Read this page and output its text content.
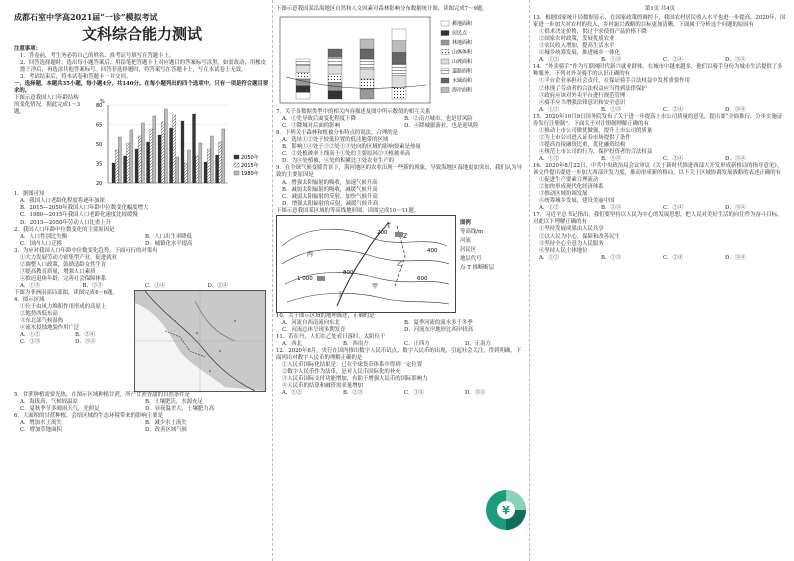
成都石室中学高2021届“一诊”模拟考试
文科综合能力测试
注意事项：
1．答卷前，考生务必将自己的姓名、准考证号填写在答题卡上。
2．回答选择题时，选出每小题答案后，用铅笔把答题卡上对应题目的答案标号涂黑。如需改动，用橡皮擦干净后，再选涂其他答案标号。回答非选择题时，将答案写在答题卡上，写在本试卷上无效。
3．考试结束后，将本试卷和答题卡一并交回。
一、选择题，本题共35小题，每小题4分，共140分。在每小题列出的四个选项中，只有一项是符合题目要求的。
下图示意我国人口年龄结构的变化情况。据此完成1～3题。
%
20
35
50
65
80
2050年
2015年
1980年
1．据图可知
A．我国人口老龄化程度将逐年加深
B．2015—2050年我国人口年龄中位数变化幅度增大
C．1980—2015年我国人口老龄化速度比较缓慢
D．2015—2050年劳动人口比重上升
2．我国人口年龄中位数变化的主要原因是
A．人口性别比失衡	B．人口出生率降低
C．国内人口迁移	D．城镇化水平提高
3．为应对我国人口年龄中位数变化趋势，下面可行的对策有
①大力发展劳动力密集型产业，促进就业
②调整人口政策，鼓励适龄女性生育
③提高教育质量，增强人口素质
④推迟退休年龄，完善社会保障体系
A．①③	B．②③	C．①④	D．②④
下图为非洲南部局部图，读图完成4～6题。
4．图示区域
①位于由风力堆积作用形成的高原上
②地势西低东高
③东北部气候湿热
④流水侵蚀地貌作用广泛
A．①②	B．②④
C．①③	D．③④
5．甘蔗种植需要光热，在图示区域种植甘蔗，所产甘蔗香甜的自然条件是
A．海拔高，气候较温凉	B．土壤肥沃，水源充足
C．夏秋季节多晴雨天气，光照足	D．昼夜温差大，土壤肥力高
6．大面积的甘蔗种植，会给区域的生态环境带来的影响主要是
A．增加水土流失	B．减少水土流失
C．增加草地面积	D．改善区域气候
下图示意我国某沿海地区自然和人文因素对森林影响分布数据统计图，读图完成7～9题。
耕地面积
居民点
林地面积
山体体积
山坡面积
道路面积
水域面积
海岸面积
7．关于各数据类型中的相关内容描述及图中所示数值的相互关系
A．①先导致后面变化程度下降	B．②南方城市，也是冒风险
C．③降城对后面的影响	D．④降城旅游业，也是迎风险
8．下列关于森林和植被分布特点的说法，合理的是
A．选址①②处于较低位置的低洼地带的区域
B．影响①④处于③②处①③处向的区域的影响要素是热量
C．②处植被率上线高于①处的主要原因②③植被率高
D．为④处植被，④处的积累比③处农业生产的
9．在全球气候变暖背景下，海河地区的农业出现一些新的现象，导致海地区湿地更加突出，我们认为导致的主要原因是
A．增强太阳辐射的吸收，加速气候升高
B．减弱太阳辐射的吸收，减缓气候升高
C．减弱太阳辐射的反射，加快气候升高
D．增强太阳辐射的反射，减缓气候升高
下图示意我国某区域的等高线地形图，读图完成10～11题。
1 000
800
400
600
200
丙
甲
乙
Z
T
丁
图例
等高线/m
河流
居民区
地层代号
点-T 推断断层
10．关于图示区域的地理描述，正确的是
A．河流自西南流向东北	B．夏季河流的流水多于冬季
C．河流总体呈现多期发育	D．河流东岸地形比西岸较高
11．若在丹，人们在乙处看日落时，太阳位于
A．西北	B．西南方	C．正西方	D．正南方
12．2020年8月，央行在国内推出数字人民币试点。数字人民币的出现，引起社会关注，得到明确。下面列出对数字人民币的理解正确的是
①人民币国际化结果是：已在全球货币体系中得到一定位置
②数字人民币作为法币，是对人民币国际化的补充
③人民币国际支付功能增加，有助于增强人民币的国际影响力
④人民币的结算和融资需求量增加
A．①②	B．②③	C．①④	D．③④
第1页 共4页
13．根据国家统计局数据显示，在国家政策的调控下，我国农村居民收入水平也进一步提高，2020年，国家进一步加大对农村的投入，乡村振兴战略的目标更加清晰。下面属于分析这个问题的原因有
①供求决定价格，供过于求使得产品价格下降
②国家农村政策，发展优质农业
③农民收入增加，提高生活水平
④城乡统筹发展，推进城乡一体化
A．①②	B．①③	C．②④	D．③④
14．“外卖骑手”作为互联网时代新兴就业群体，在城市中越来越多，他们以骑手身份为城市生活提供了多种服务。下列对外卖骑手的认识正确的有
①平台企业承担社会责任，在保证骑手合法权益中发挥重要作用
②体现了劳动者的合法权益应当得到法律保护
③政府应该对外卖平台进行规范管理
④骑手应当增强法律意识和安全意识
A．①②	B．①③	C．②④	D．③④
15．2020年10月9日国务院发布了关于进一步提高上市公司质量的意见，提出要“全面推行、分步实施证券发行注册制”。下面关于对注册制理解正确的有
①推动上市公司做优做强，提升上市公司的质量
②为上市公司进入证券市场提供了条件
③提高直接融资比重，优化融资结构
④规范上市公司的行为，保护投资者的合法权益
A．①②	B．①③	C．②④	D．③④
16．2020年8月22日，中共中央政治局会议审议《关于新时代推进西部大开发形成新格局的指导意见》。该文件提出要进一步加大西部开发力度，推动形成新的格局。以下关于区域协调发展战略的表述正确的有
①促进生产要素合理流动
②加快形成现代化经济体系
③推动区域协调发展
④统筹城乡发展，建设美丽中国
A．①②	B．①③	C．②④	D．③④
17．习近平总书记指出，我们要坚持以人民为中心的发展思想，把人民对美好生活的向往作为奋斗目标。对此以下理解正确的有
①坚持发展成果由人民共享
②以人民为中心，保障和改善民生
③坚持全心全意为人民服务
④坚持人民主体地位
A．①②	B．①③	C．②④	D．③④
¥
